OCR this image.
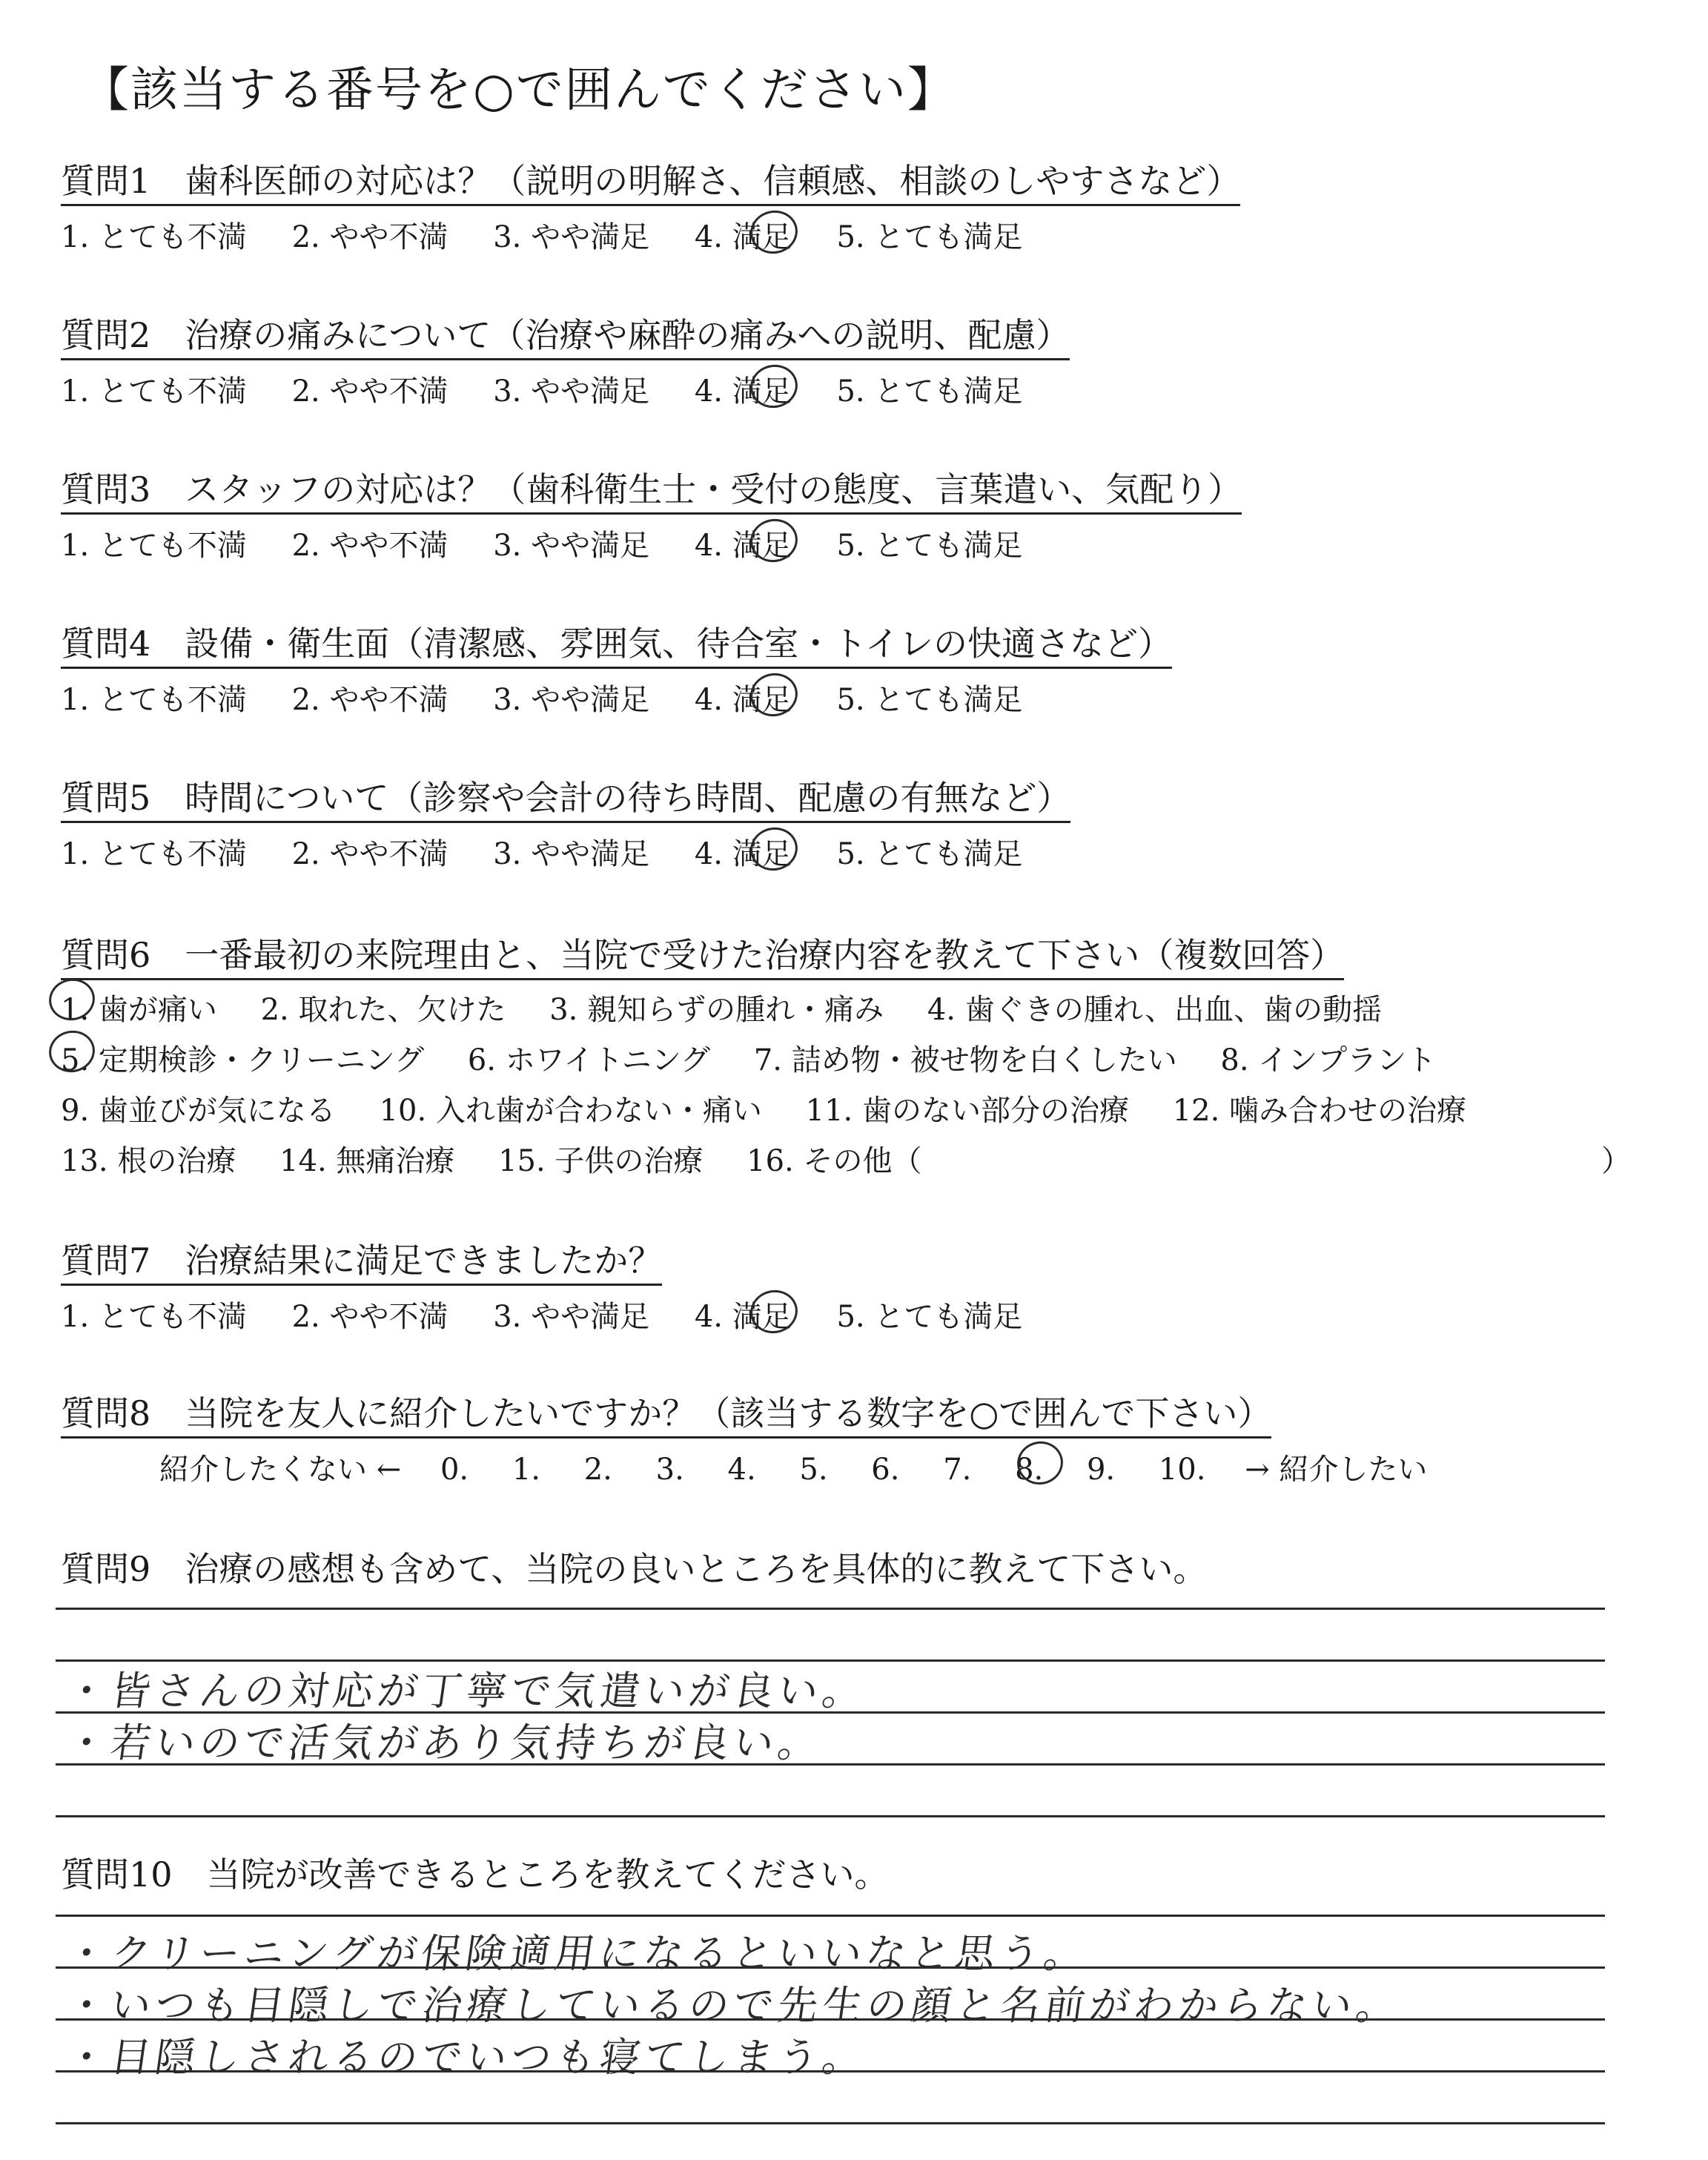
【該当する番号を○で囲んでください】
質問1　歯科医師の対応は？（説明の明解さ、信頼感、相談のしやすさなど）
1. とても不満 2. やや不満 3. やや満足 4. 満足 5. とても満足
質問2　治療の痛みについて（治療や麻酔の痛みへの説明、配慮）
1. とても不満 2. やや不満 3. やや満足 4. 満足 5. とても満足
質問3　スタッフの対応は？（歯科衛生士・受付の態度、言葉遣い、気配り）
1. とても不満 2. やや不満 3. やや満足 4. 満足 5. とても満足
質問4　設備・衛生面（清潔感、雰囲気、待合室・トイレの快適さなど）
1. とても不満 2. やや不満 3. やや満足 4. 満足 5. とても満足
質問5　時間について（診察や会計の待ち時間、配慮の有無など）
1. とても不満 2. やや不満 3. やや満足 4. 満足 5. とても満足
質問6　一番最初の来院理由と、当院で受けた治療内容を教えて下さい（複数回答）
1. 歯が痛い 2. 取れた、欠けた 3. 親知らずの腫れ・痛み 4. 歯ぐきの腫れ、出血、歯の動揺
5. 定期検診・クリーニング 6. ホワイトニング 7. 詰め物・被せ物を白くしたい 8. インプラント
9. 歯並びが気になる 10. 入れ歯が合わない・痛い 11. 歯のない部分の治療 12. 噛み合わせの治療
13. 根の治療 14. 無痛治療 15. 子供の治療 16. その他（	）
質問7　治療結果に満足できましたか？
1. とても不満 2. やや不満 3. やや満足 4. 満足 5. とても満足
質問8　当院を友人に紹介したいですか？（該当する数字を○で囲んで下さい）
紹介したくない ← 0. 1. 2. 3. 4. 5. 6. 7. 8. 9. 10. → 紹介したい
質問9　治療の感想も含めて、当院の良いところを具体的に教えて下さい。
・皆さんの対応が丁寧で気遣いが良い。
・若いので活気があり気持ちが良い。
質問10　当院が改善できるところを教えてください。
・クリーニングが保険適用になるといいなと思う。
・いつも目隠しで治療しているので先生の顔と名前がわからない。
・目隠しされるのでいつも寝てしまう。
